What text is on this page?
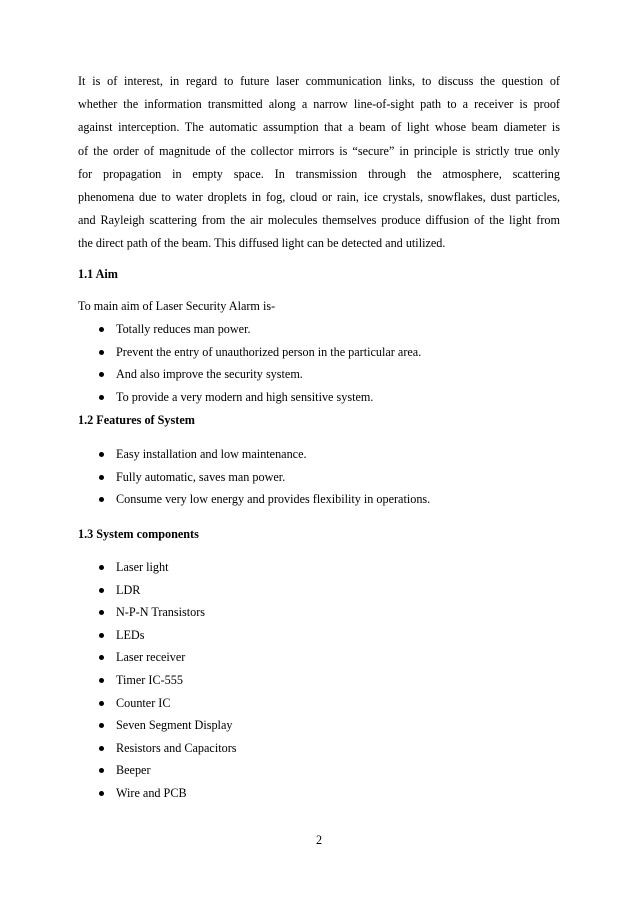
It is of interest, in regard to future laser communication links, to discuss the question of
whether the information transmitted along a narrow line-of-sight path to a receiver is proof
against interception. The automatic assumption that a beam of light whose beam diameter is
of the order of magnitude of the collector mirrors is “secure” in principle is strictly true only
for propagation in empty space. In transmission through the atmosphere, scattering
phenomena due to water droplets in fog, cloud or rain, ice crystals, snowflakes, dust particles,
and Rayleigh scattering from the air molecules themselves produce diffusion of the light from
the direct path of the beam. This diffused light can be detected and utilized.
1.1 Aim
To main aim of Laser Security Alarm is-
Totally reduces man power.
Prevent the entry of unauthorized person in the particular area.
And also improve the security system.
To provide a very modern and high sensitive system.
1.2 Features of System
Easy installation and low maintenance.
Fully automatic, saves man power.
Consume very low energy and provides flexibility in operations.
1.3 System components
Laser light
LDR
N-P-N Transistors
LEDs
Laser receiver
Timer IC-555
Counter IC
Seven Segment Display
Resistors and Capacitors
Beeper
Wire and PCB
2
